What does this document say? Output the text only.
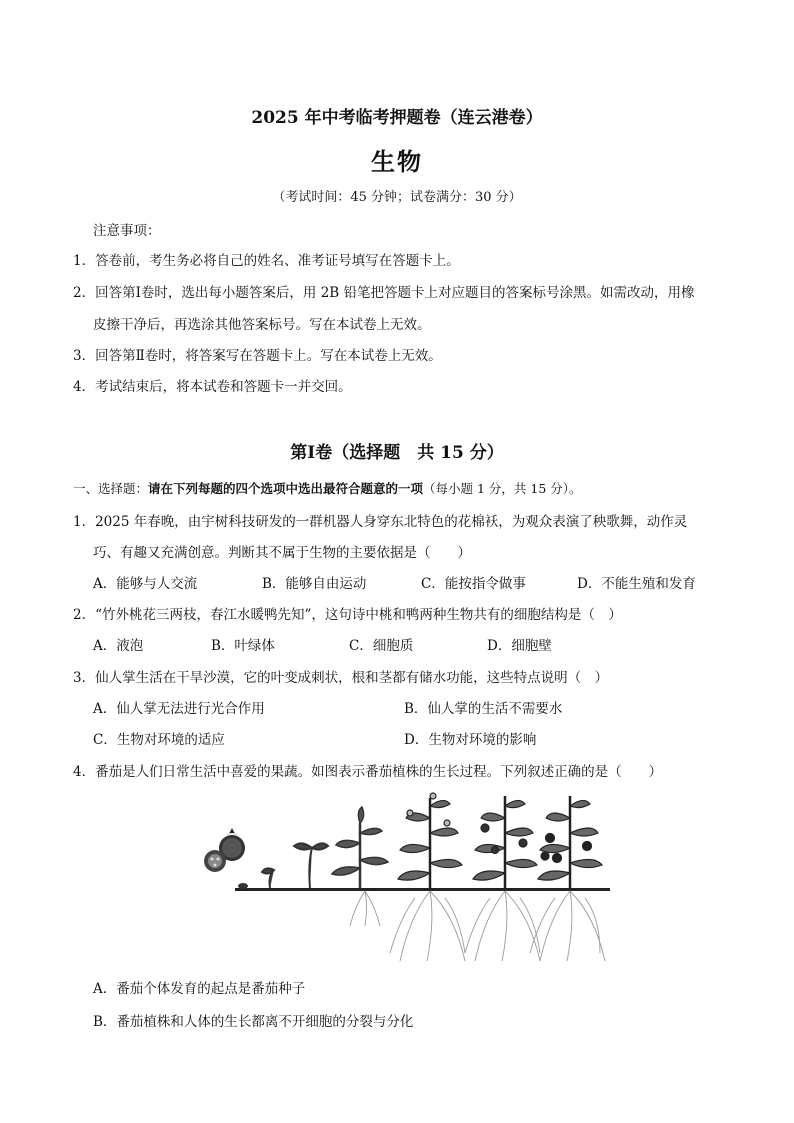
2025 年中考临考押题卷（连云港卷）
生物
（考试时间：45 分钟；试卷满分：30 分）
注意事项：
1．答卷前，考生务必将自己的姓名、准考证号填写在答题卡上。
2．回答第Ⅰ卷时，选出每小题答案后，用 2B 铅笔把答题卡上对应题目的答案标号涂黑。如需改动，用橡
皮擦干净后，再选涂其他答案标号。写在本试卷上无效。
3．回答第Ⅱ卷时，将答案写在答题卡上。写在本试卷上无效。
4．考试结束后，将本试卷和答题卡一并交回。
第Ⅰ卷（选择题　共 15 分）
一、选择题：请在下列每题的四个选项中选出最符合题意的一项（每小题 1 分，共 15 分）。
1．2025 年春晚，由宇树科技研发的一群机器人身穿东北特色的花棉袄，为观众表演了秧歌舞，动作灵
巧、有趣又充满创意。判断其不属于生物的主要依据是（　　）
A．能够与人交流	B．能够自由运动	C．能按指令做事	D．不能生殖和发育
2．“竹外桃花三两枝，春江水暖鸭先知”，这句诗中桃和鸭两种生物共有的细胞结构是（　）
A．液泡	B．叶绿体	C．细胞质	D．细胞壁
3．仙人掌生活在干旱沙漠，它的叶变成刺状，根和茎都有储水功能，这些特点说明（　）
A．仙人掌无法进行光合作用	B．仙人掌的生活不需要水
C．生物对环境的适应	D．生物对环境的影响
4．番茄是人们日常生活中喜爱的果蔬。如图表示番茄植株的生长过程。下列叙述正确的是（　　）
A．番茄个体发育的起点是番茄种子
B．番茄植株和人体的生长都离不开细胞的分裂与分化
